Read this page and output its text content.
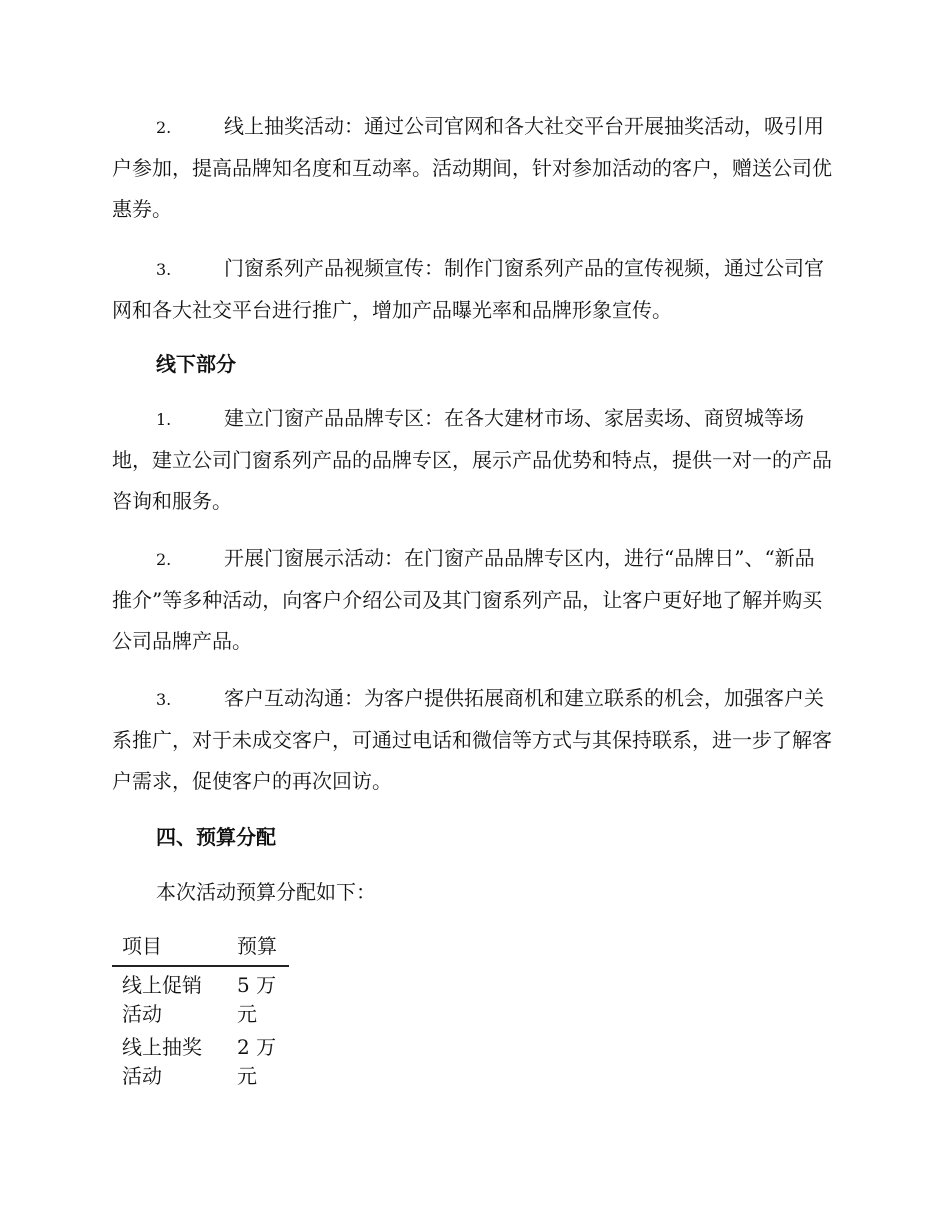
2.	线上抽奖活动：通过公司官网和各大社交平台开展抽奖活动，吸引用户参加，提高品牌知名度和互动率。活动期间，针对参加活动的客户，赠送公司优惠券。

3.	门窗系列产品视频宣传：制作门窗系列产品的宣传视频，通过公司官网和各大社交平台进行推广，增加产品曝光率和品牌形象宣传。

线下部分

1.	建立门窗产品品牌专区：在各大建材市场、家居卖场、商贸城等场地，建立公司门窗系列产品的品牌专区，展示产品优势和特点，提供一对一的产品咨询和服务。

2.	开展门窗展示活动：在门窗产品品牌专区内，进行“品牌日”、“新品推介”等多种活动，向客户介绍公司及其门窗系列产品，让客户更好地了解并购买公司品牌产品。

3.	客户互动沟通：为客户提供拓展商机和建立联系的机会，加强客户关系推广，对于未成交客户，可通过电话和微信等方式与其保持联系，进一步了解客户需求，促使客户的再次回访。

四、预算分配

本次活动预算分配如下：

项目	预算
线上促销活动	5 万元
线上抽奖活动	2 万元
